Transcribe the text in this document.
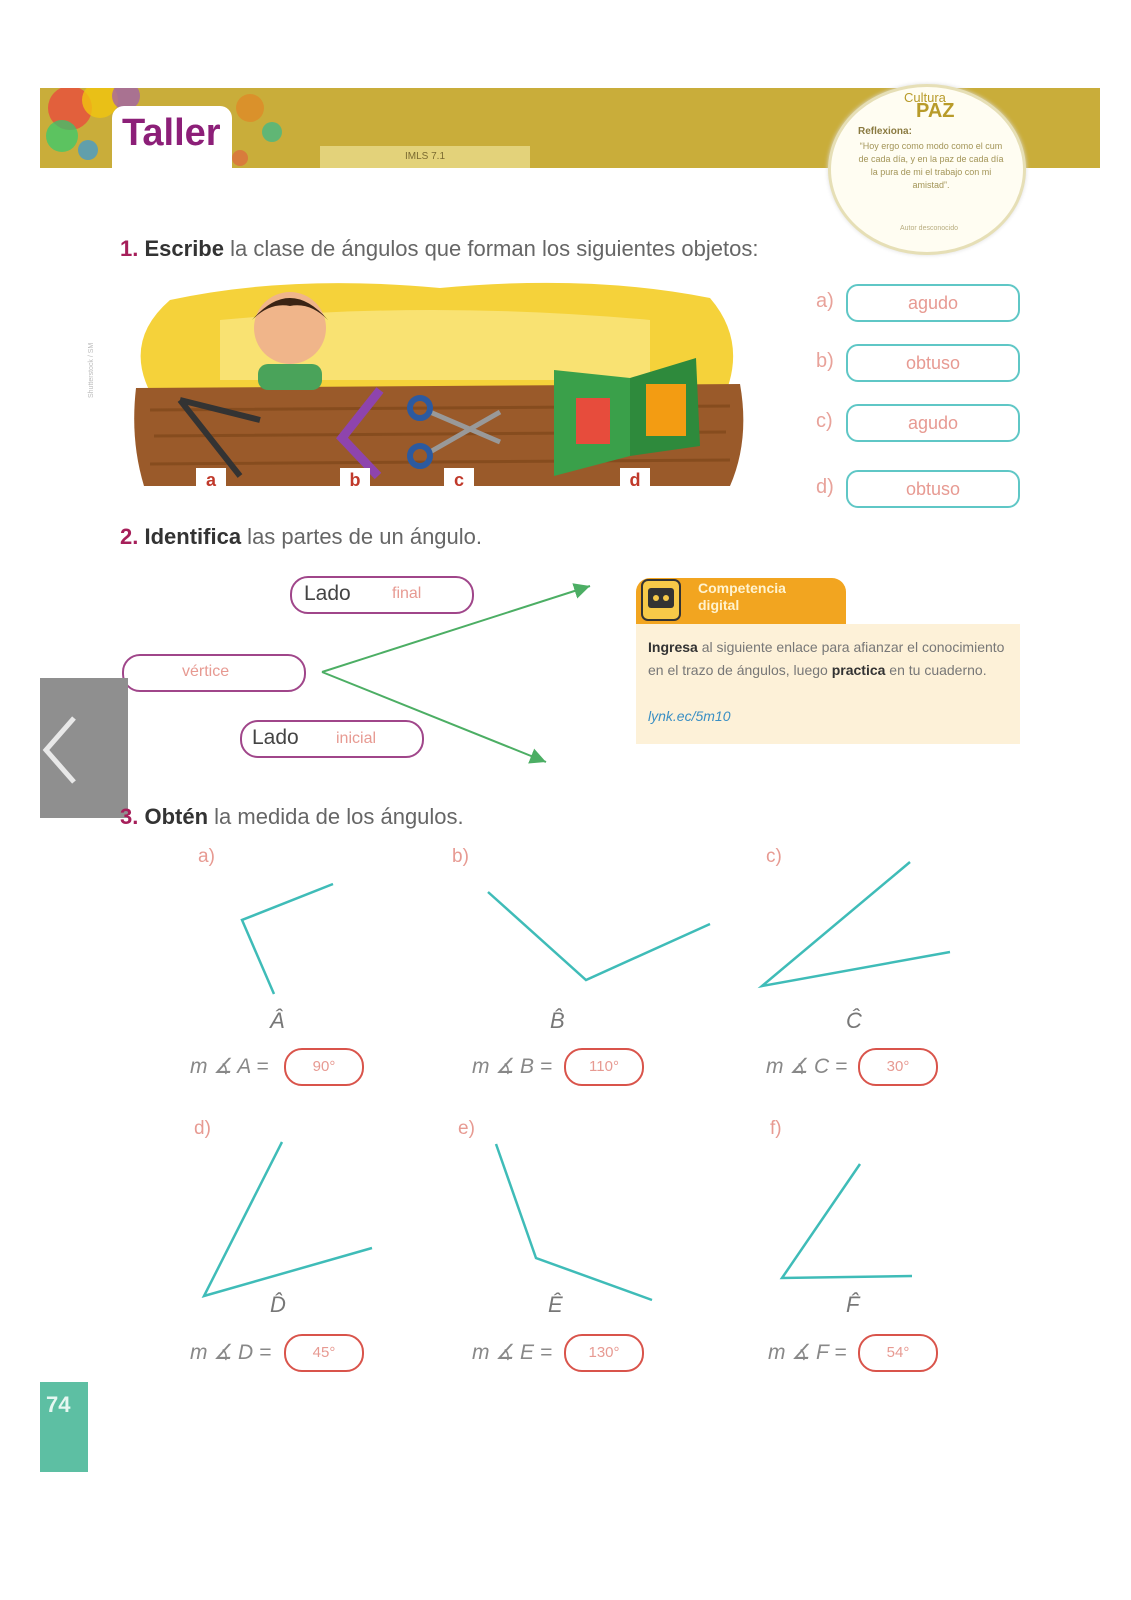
IMLS 7.1
Taller
Cultura
PAZ
Reflexiona:
“Hoy ergo como modo como el cum de cada día, y en la paz de cada día la pura de mi el trabajo con mi amistad”.
Autor desconocido
1. Escribe la clase de ángulos que forman los siguientes objetos:
a	b	c	d
Shutterstock / SM
a)	agudo
b)	obtuso
c)	agudo
d)	obtuso
2. Identifica las partes de un ángulo.
Lado	final
vértice
Lado inicial
Competencia
digital
Ingresa al siguiente enlace para afianzar el conocimiento en el trazo de ángulos, luego practica en tu cuaderno.
lynk.ec/5m10
3. Obtén la medida de los ángulos.
a)
Â
m ∡ A =	90°
b)
B̂
m ∡ B =	110°
c)
Ĉ
m ∡ C =	30°
d)
D̂
m ∡ D =	45°
e)
Ê
m ∡ E =	130°
f)
F̂
m ∡ F =	54°
74
